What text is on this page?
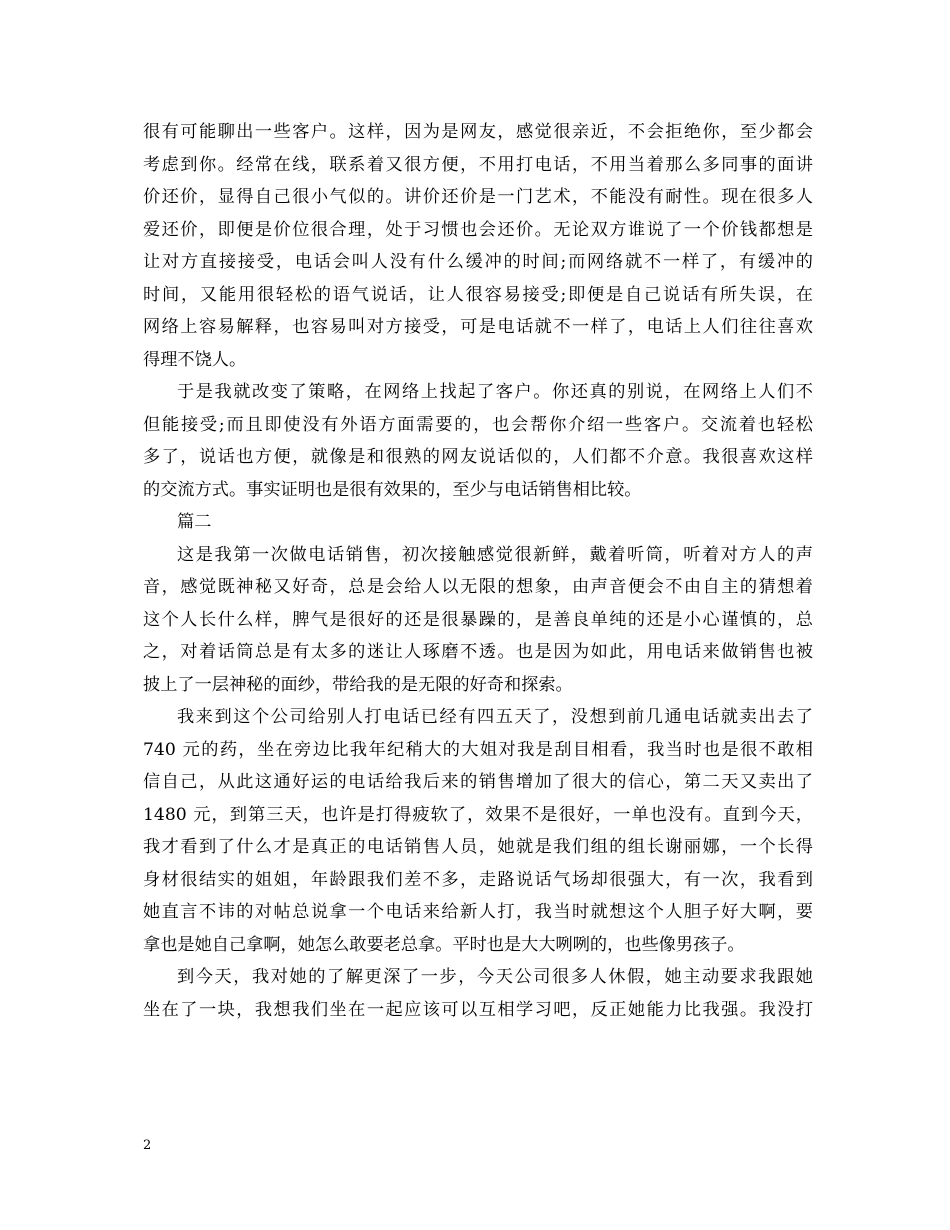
很有可能聊出一些客户。这样，因为是网友，感觉很亲近，不会拒绝你，至少都会
考虑到你。经常在线，联系着又很方便，不用打电话，不用当着那么多同事的面讲
价还价，显得自己很小气似的。讲价还价是一门艺术，不能没有耐性。现在很多人
爱还价，即便是价位很合理，处于习惯也会还价。无论双方谁说了一个价钱都想是
让对方直接接受，电话会叫人没有什么缓冲的时间;而网络就不一样了，有缓冲的
时间，又能用很轻松的语气说话，让人很容易接受;即便是自己说话有所失误，在
网络上容易解释，也容易叫对方接受，可是电话就不一样了，电话上人们往往喜欢
得理不饶人。
于是我就改变了策略，在网络上找起了客户。你还真的别说，在网络上人们不
但能接受;而且即使没有外语方面需要的，也会帮你介绍一些客户。交流着也轻松
多了，说话也方便，就像是和很熟的网友说话似的，人们都不介意。我很喜欢这样
的交流方式。事实证明也是很有效果的，至少与电话销售相比较。
篇二
这是我第一次做电话销售，初次接触感觉很新鲜，戴着听筒，听着对方人的声
音，感觉既神秘又好奇，总是会给人以无限的想象，由声音便会不由自主的猜想着
这个人长什么样，脾气是很好的还是很暴躁的，是善良单纯的还是小心谨慎的，总
之，对着话筒总是有太多的迷让人琢磨不透。也是因为如此，用电话来做销售也被
披上了一层神秘的面纱，带给我的是无限的好奇和探索。
我来到这个公司给别人打电话已经有四五天了，没想到前几通电话就卖出去了
740 元的药，坐在旁边比我年纪稍大的大姐对我是刮目相看，我当时也是很不敢相
信自己，从此这通好运的电话给我后来的销售增加了很大的信心，第二天又卖出了
1480 元，到第三天，也许是打得疲软了，效果不是很好，一单也没有。直到今天，
我才看到了什么才是真正的电话销售人员，她就是我们组的组长谢丽娜，一个长得
身材很结实的姐姐，年龄跟我们差不多，走路说话气场却很强大，有一次，我看到
她直言不讳的对帖总说拿一个电话来给新人打，我当时就想这个人胆子好大啊，要
拿也是她自己拿啊，她怎么敢要老总拿。平时也是大大咧咧的，也些像男孩子。
到今天，我对她的了解更深了一步，今天公司很多人休假，她主动要求我跟她
坐在了一块，我想我们坐在一起应该可以互相学习吧，反正她能力比我强。我没打
2
